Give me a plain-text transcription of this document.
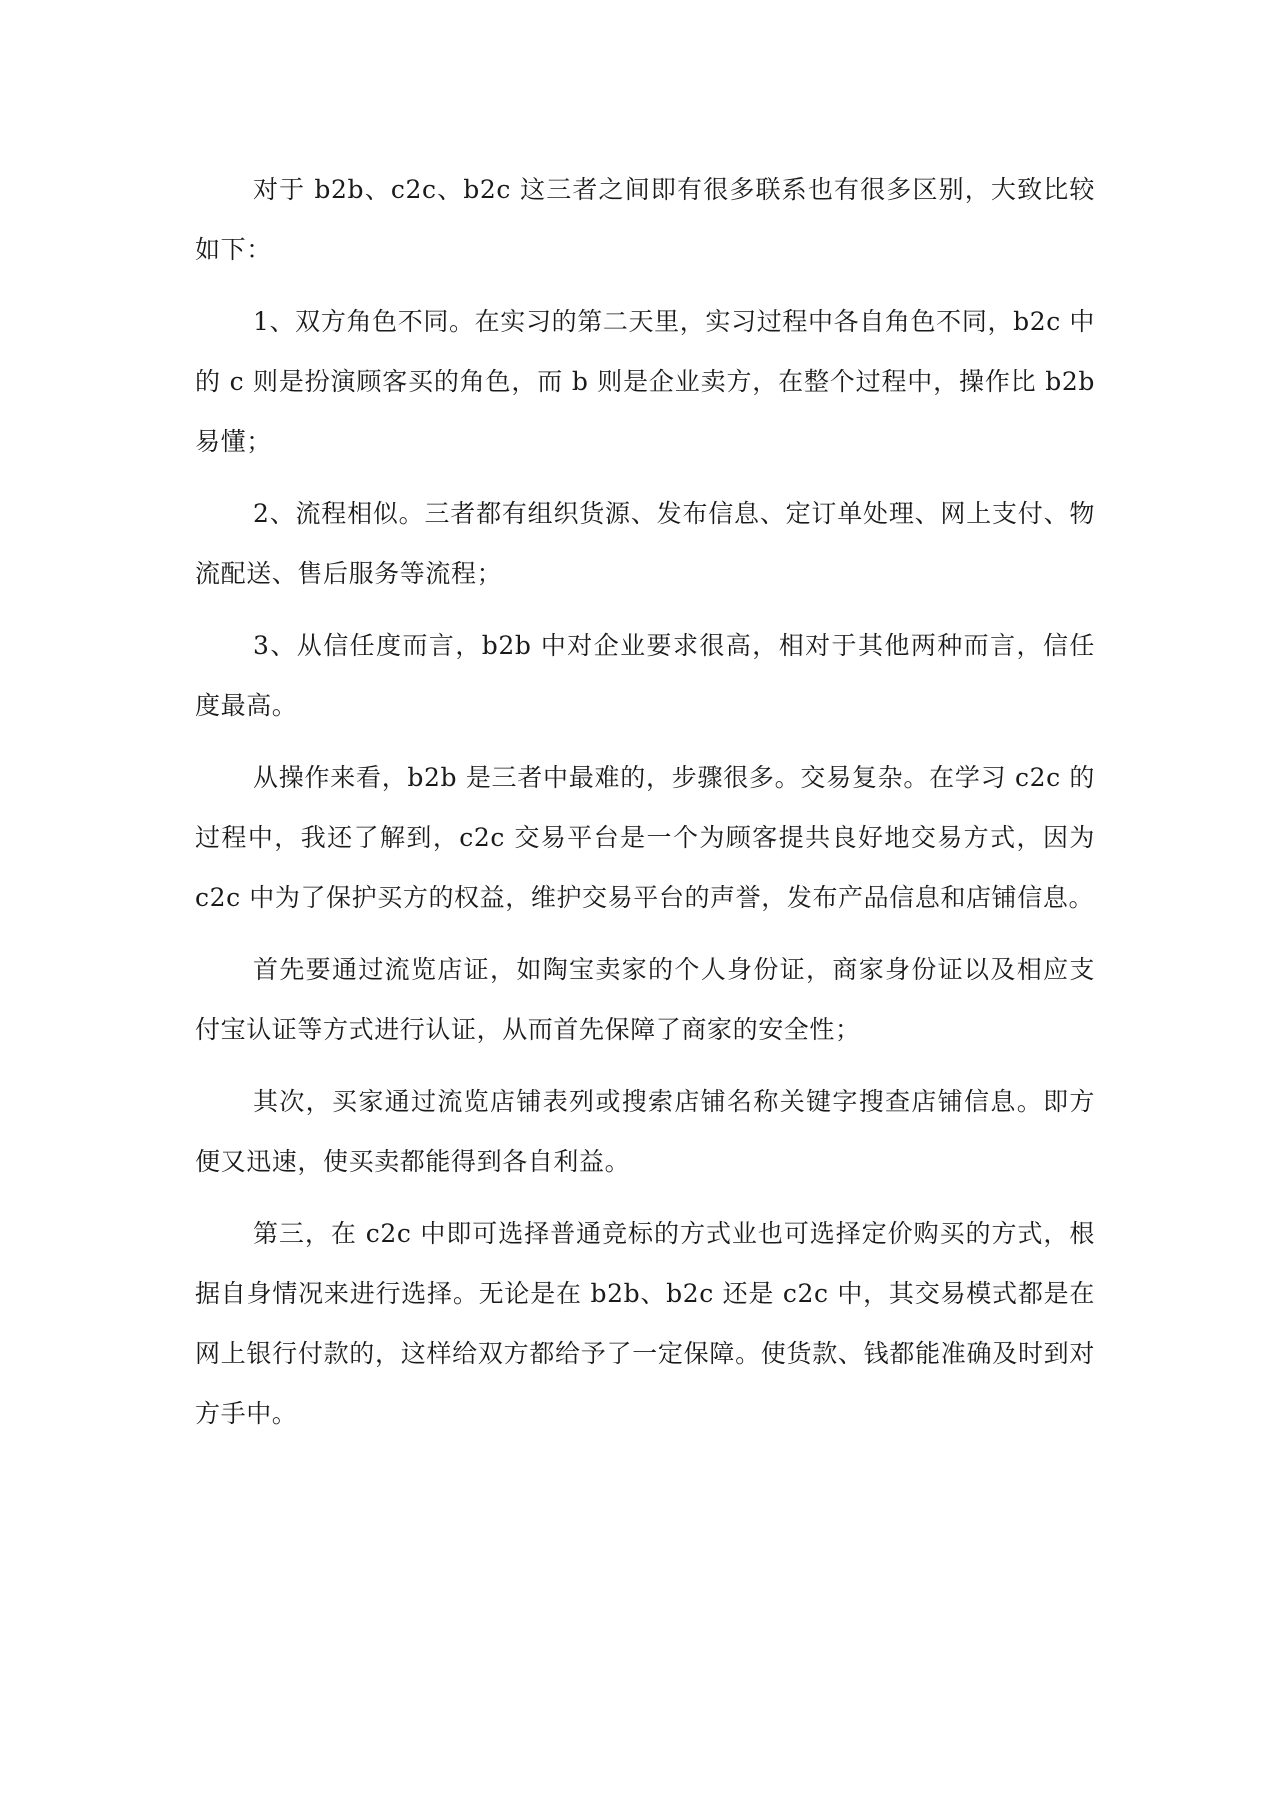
对于 b2b、c2c、b2c 这三者之间即有很多联系也有很多区别，大致比较如下：

1、双方角色不同。在实习的第二天里，实习过程中各自角色不同，b2c 中的 c 则是扮演顾客买的角色，而 b 则是企业卖方，在整个过程中，操作比 b2b 易懂；

2、流程相似。三者都有组织货源、发布信息、定订单处理、网上支付、物流配送、售后服务等流程；

3、从信任度而言，b2b 中对企业要求很高，相对于其他两种而言，信任度最高。

从操作来看，b2b 是三者中最难的，步骤很多。交易复杂。在学习 c2c 的过程中，我还了解到，c2c 交易平台是一个为顾客提共良好地交易方式，因为 c2c 中为了保护买方的权益，维护交易平台的声誉，发布产品信息和店铺信息。

首先要通过流览店证，如陶宝卖家的个人身份证，商家身份证以及相应支付宝认证等方式进行认证，从而首先保障了商家的安全性；

其次，买家通过流览店铺表列或搜索店铺名称关键字搜查店铺信息。即方便又迅速，使买卖都能得到各自利益。

第三，在 c2c 中即可选择普通竞标的方式业也可选择定价购买的方式，根据自身情况来进行选择。无论是在 b2b、b2c 还是 c2c 中，其交易模式都是在网上银行付款的，这样给双方都给予了一定保障。使货款、钱都能准确及时到对方手中。
